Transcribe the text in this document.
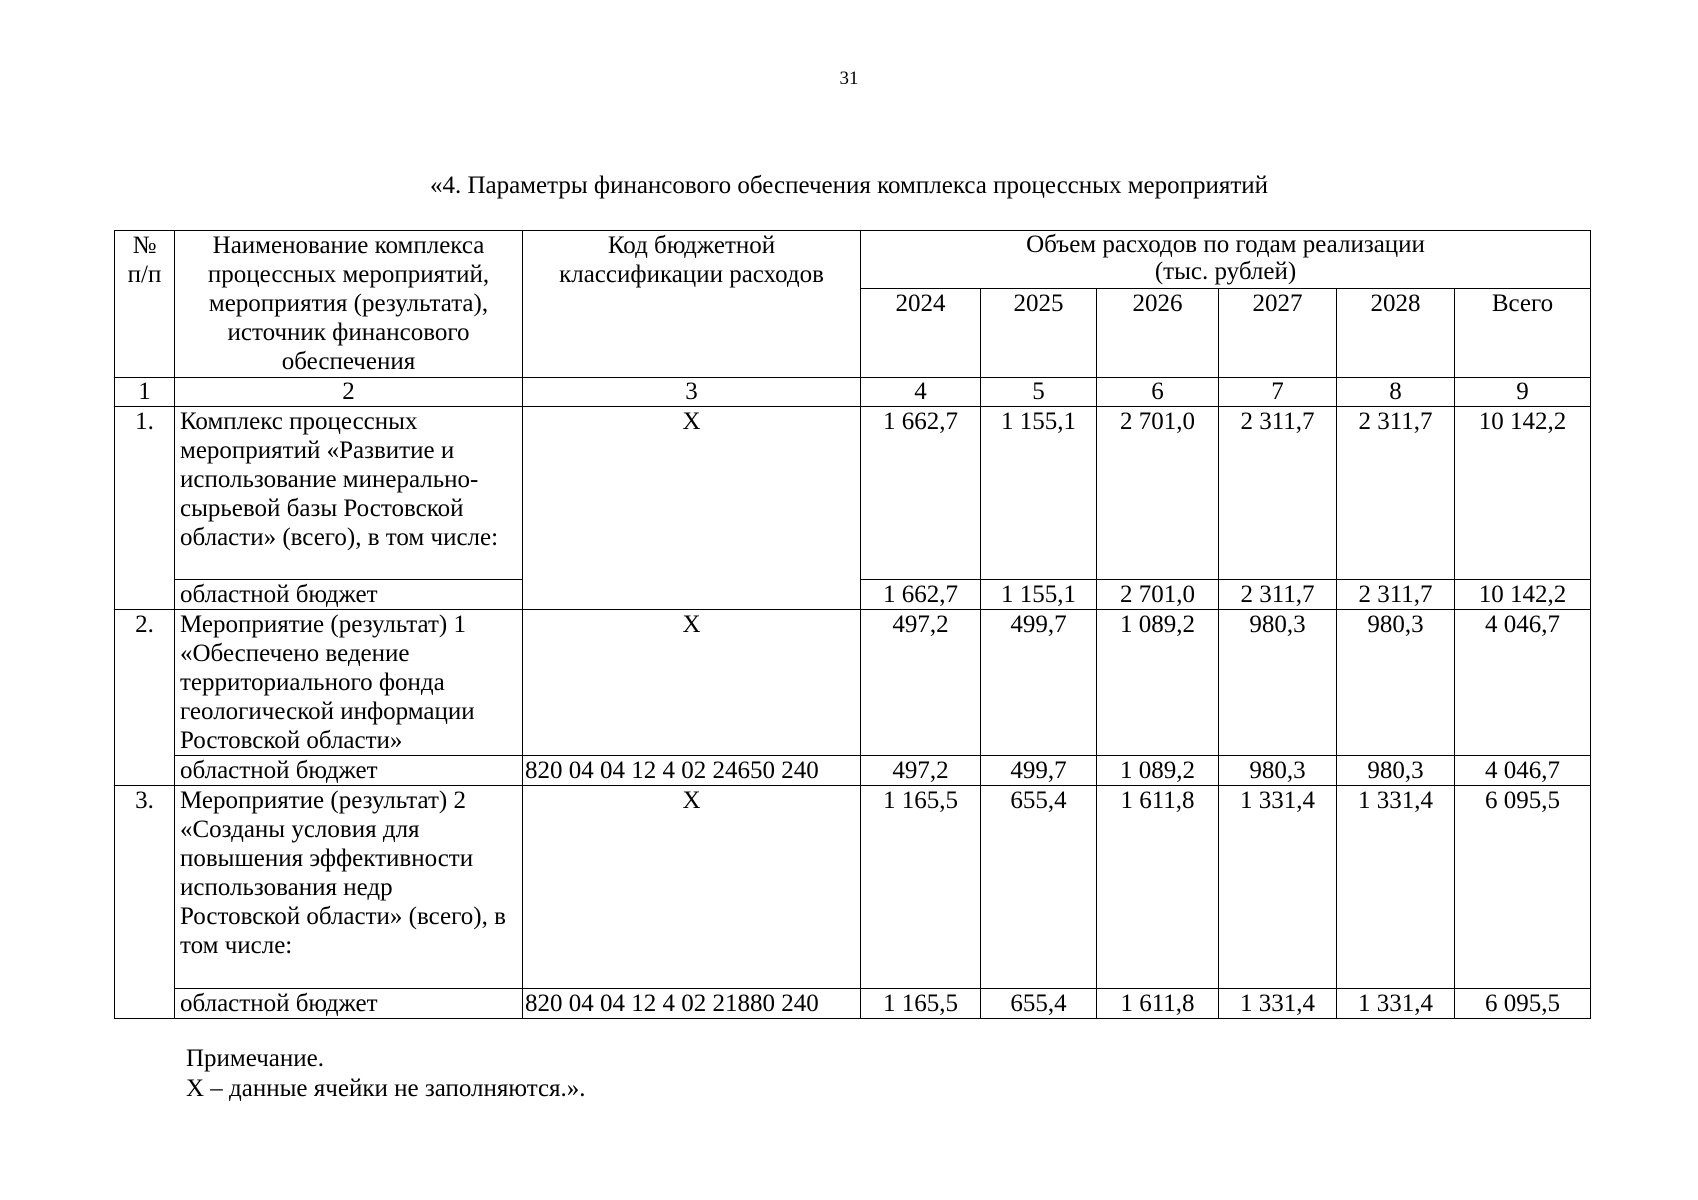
31
«4. Параметры финансового обеспечения комплекса процессных мероприятий
№ п/п	Наименование комплекса процессных мероприятий, мероприятия (результата), источник финансового обеспечения	Код бюджетной классификации расходов	Объем расходов по годам реализации
(тыс. рублей)					

			2024	2025	2026	2027	2028	Всего
1	2	3	4	5	6	7	8	9
1.	Комплекс процессных мероприятий «Развитие и использование минерально-сырьевой базы Ростовской области» (всего), в том числе:	X	1 662,7	1 155,1	2 701,0	2 311,7	2 311,7	10 142,2
	областной бюджет		1 662,7	1 155,1	2 701,0	2 311,7	2 311,7	10 142,2
2.	Мероприятие (результат) 1 «Обеспечено ведение территориального фонда геологической информации Ростовской области»	X	497,2	499,7	1 089,2	980,3	980,3	4 046,7
	областной бюджет	820 04 04 12 4 02 24650 240	497,2	499,7	1 089,2	980,3	980,3	4 046,7
3.	Мероприятие (результат) 2 «Созданы условия для повышения эффективности использования недр Ростовской области» (всего), в том числе:	X	1 165,5	655,4	1 611,8	1 331,4	1 331,4	6 095,5
	областной бюджет	820 04 04 12 4 02 21880 240	1 165,5	655,4	1 611,8	1 331,4	1 331,4	6 095,5
Примечание.
X – данные ячейки не заполняются.».
